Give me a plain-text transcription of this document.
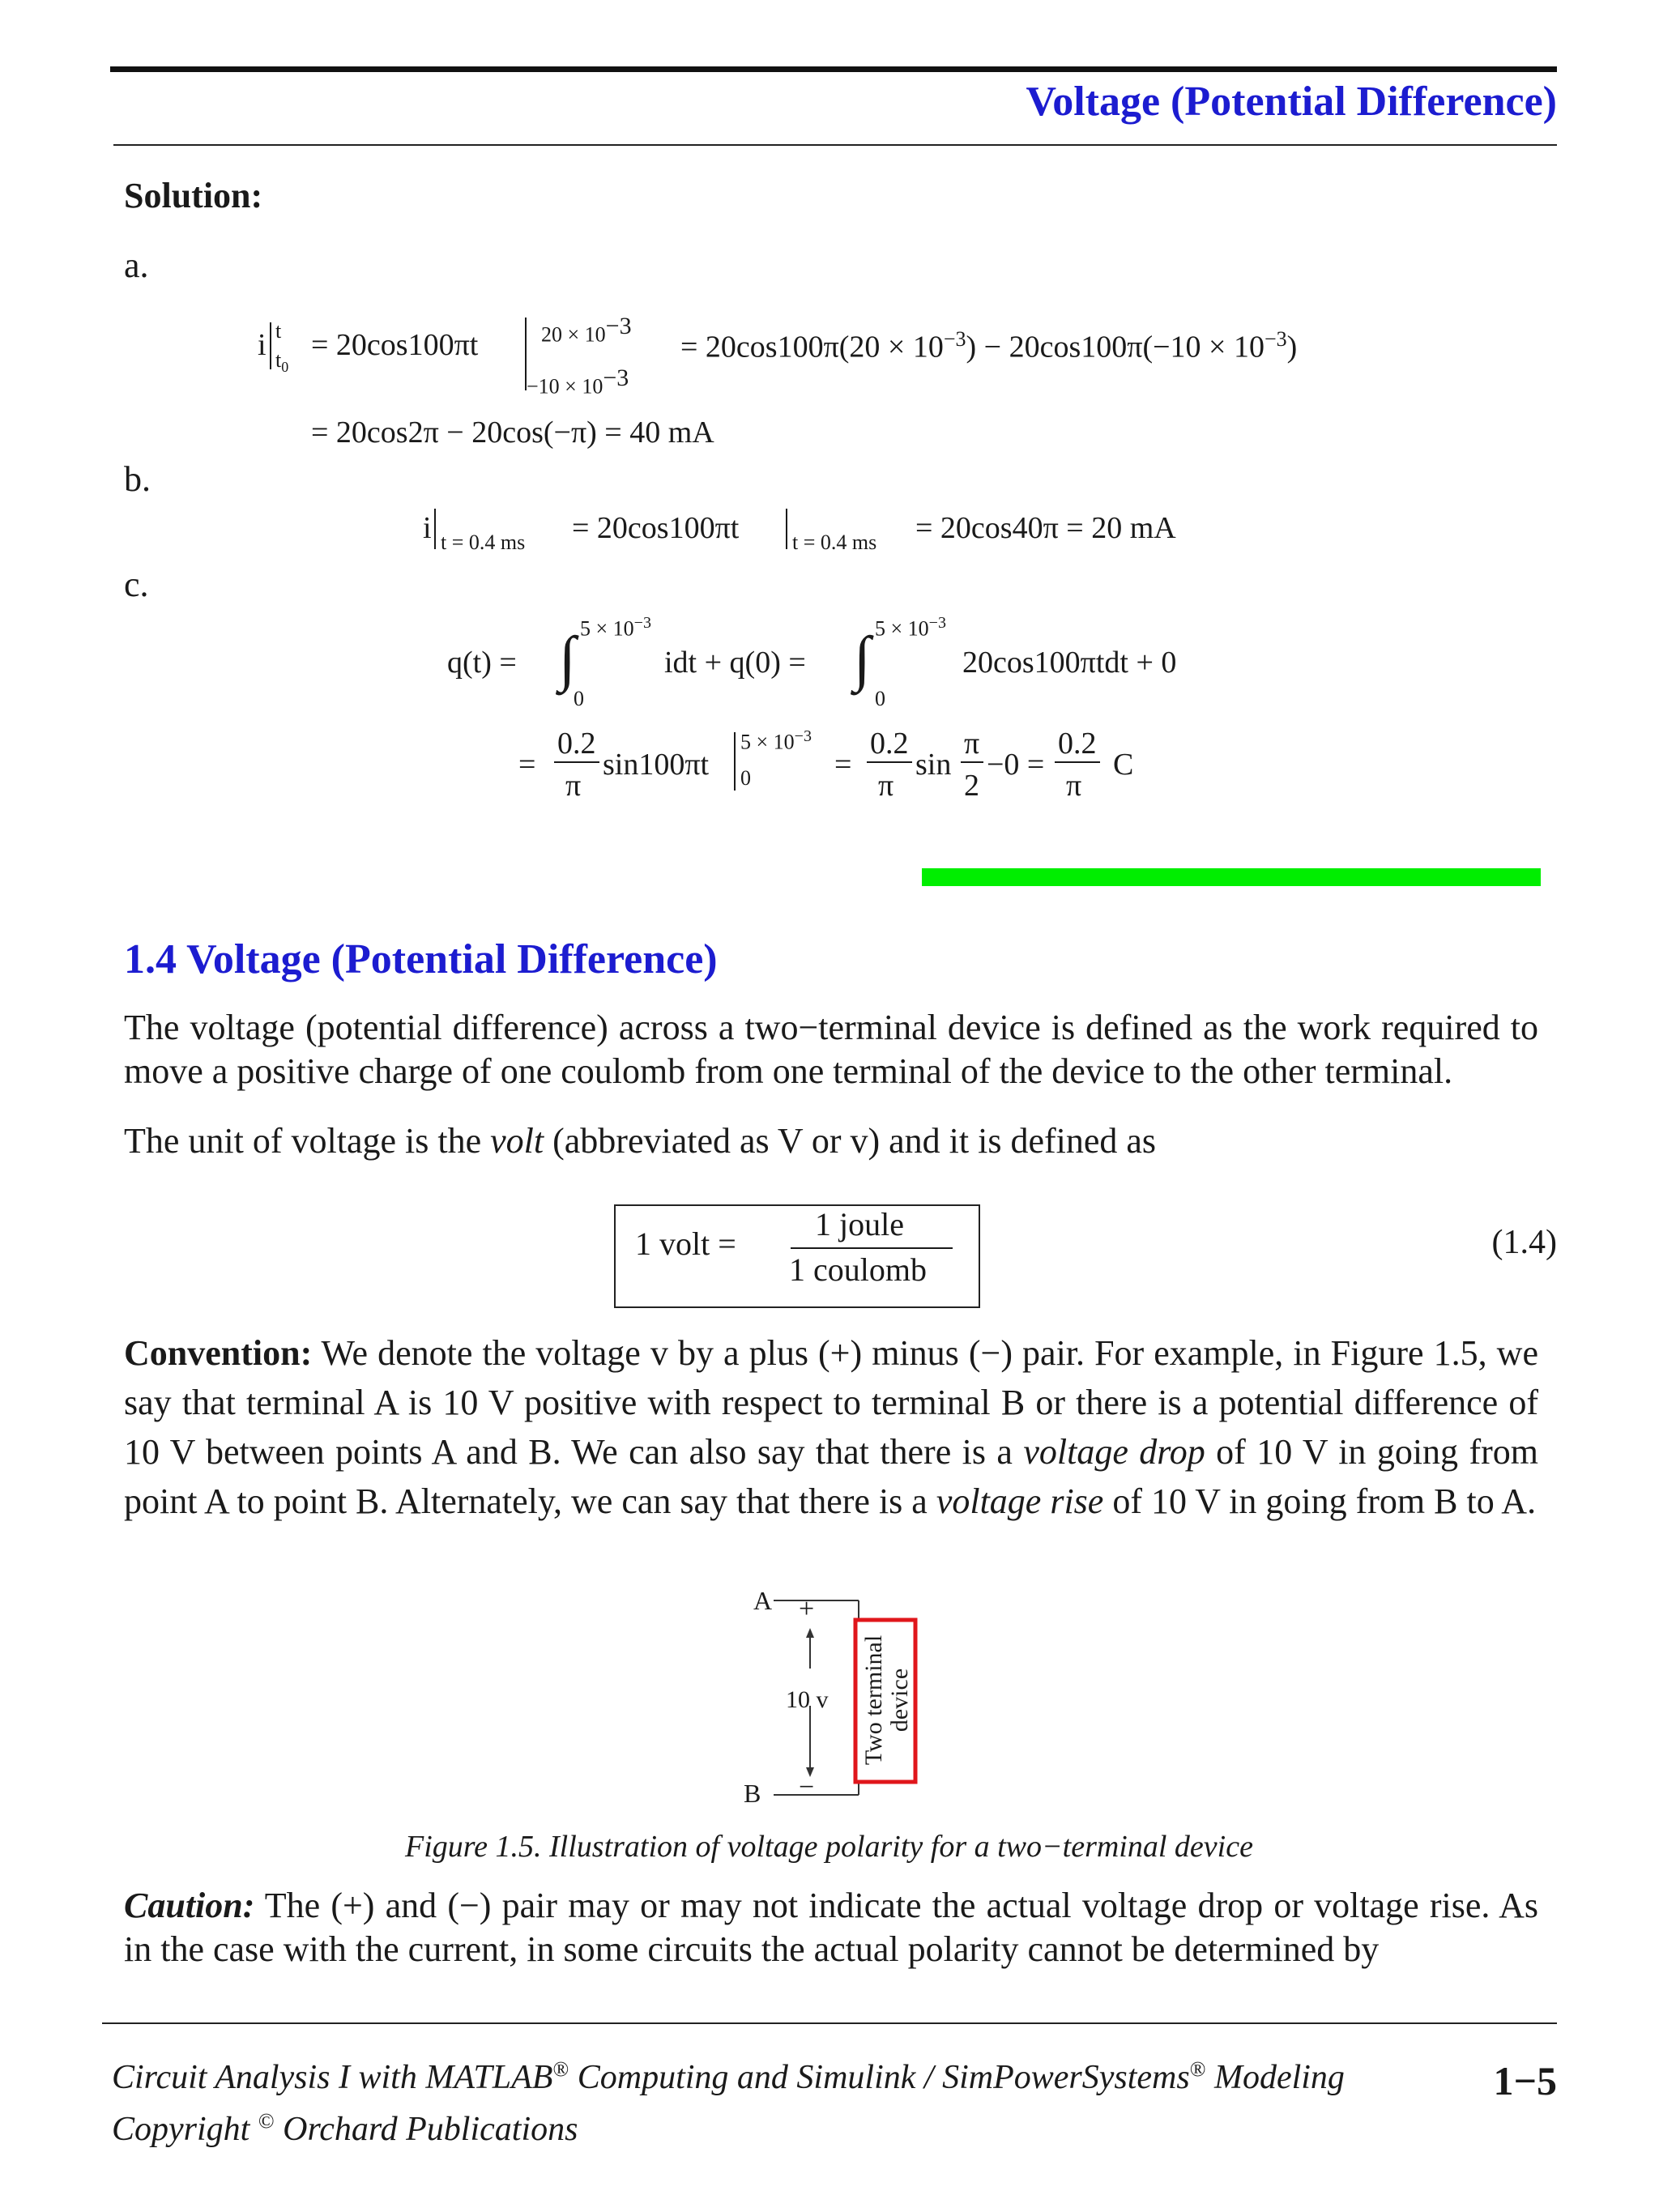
Voltage (Potential Difference)
Solution:
a.
i t
$t_0$
= 20cos100πt	$20 \times 10^{-3}$
$-10 \times 10^{-3}$
= $20\cos 100\pi(20 \times 10^{-3}) - 20\cos 100\pi(-10 \times 10^{-3})$
= 20cos2π − 20cos(−π) = 40 mA
b.
i t = 0.4 ms = 20cos100πt	t = 0.4 ms = 20cos40π = 20 mA
c.
q(t) = ∫ $5 \times 10^{-3}$
0
idt + q(0) = ∫ $5 \times 10^{-3}$
0
20cos100πtdt + 0
=
0.2
π
sin100πt
$5 \times 10^{-3}$
0	=
0.2
π
sin
π
2
−0 =
0.2
π
C
1.4 Voltage (Potential Difference)
The voltage (potential difference) across a two−terminal device is defined as the work required to move a positive charge of one coulomb from one terminal of the device to the other terminal.
The unit of voltage is the volt (abbreviated as V or v) and it is defined as
1 volt =
1 joule
1 coulomb
(1.4)
Convention: We denote the voltage v by a plus (+) minus (−) pair. For example, in Figure 1.5, we say that terminal A is 10 V positive with respect to terminal B or there is a potential difference of 10 V between points A and B. We can also say that there is a voltage drop of 10 V in going from point A to point B. Alternately, we can say that there is a voltage rise of 10 V in going from B to A.
A
B
+
−
10 v Two terminal device
Figure 1.5. Illustration of voltage polarity for a two−terminal device
Caution: The (+) and (−) pair may or may not indicate the actual voltage drop or voltage rise. As in the case with the current, in some circuits the actual polarity cannot be determined by
Circuit Analysis I with MATLAB® Computing and Simulink / SimPowerSystems® Modeling
Copyright © Orchard Publications
1−5
